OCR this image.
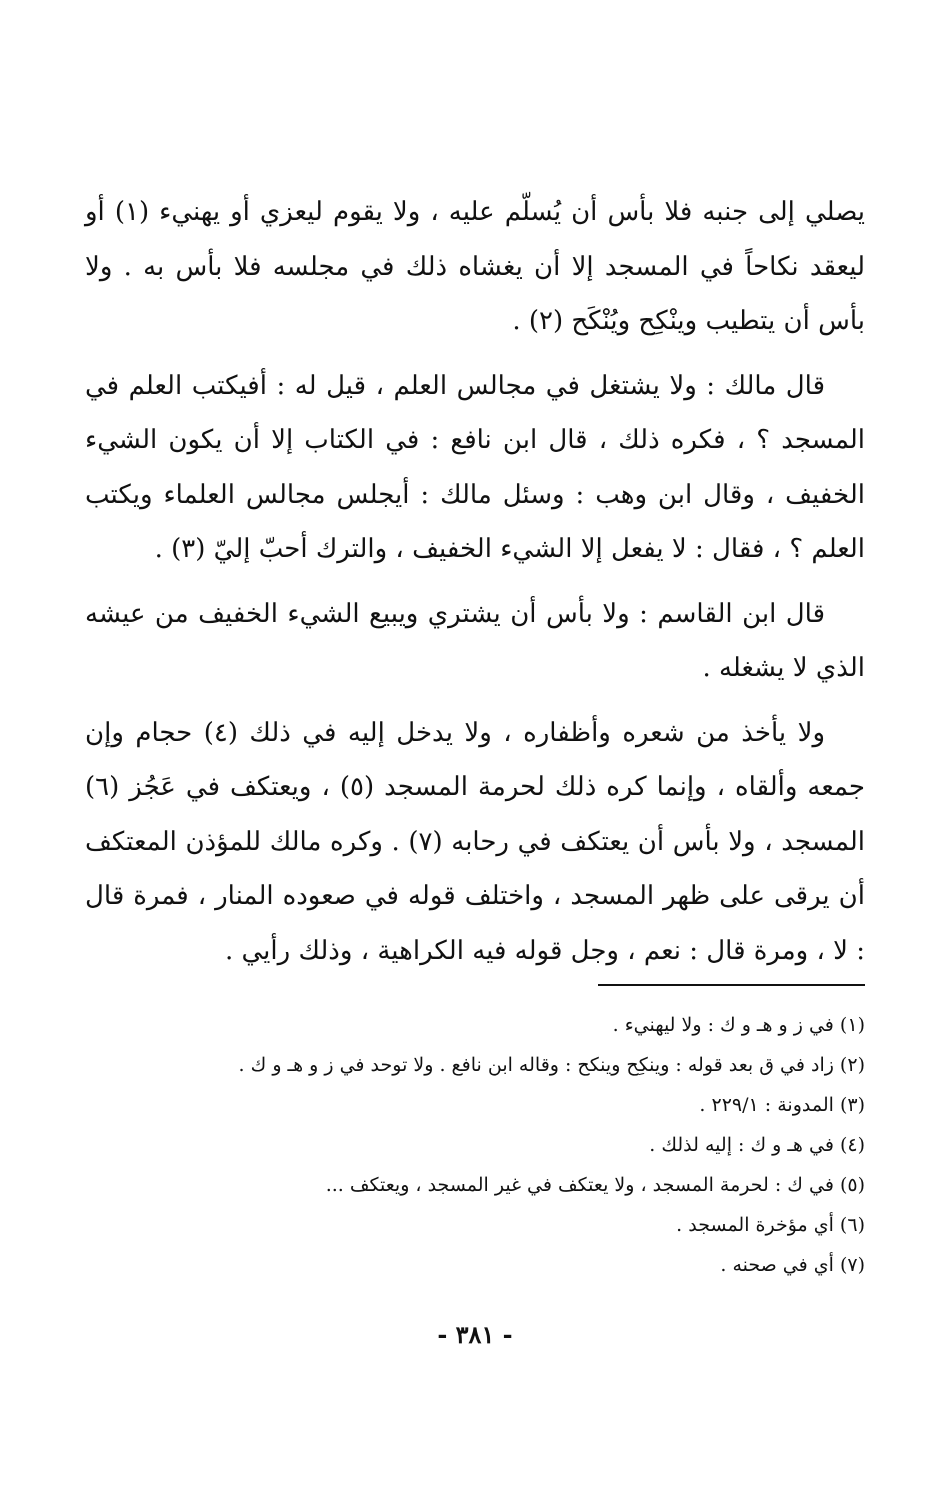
يصلي إلى جنبه فلا بأس أن يُسلّم عليه ، ولا يقوم ليعزي أو يهنيء (١) أو ليعقد نكاحاً في المسجد إلا أن يغشاه ذلك في مجلسه فلا بأس به . ولا بأس أن يتطيب وينْكِح ويُنْكَح (٢) .

قال مالك : ولا يشتغل في مجالس العلم ، قيل له : أفيكتب العلم في المسجد ؟ ، فكره ذلك ، قال ابن نافع : في الكتاب إلا أن يكون الشيء الخفيف ، وقال ابن وهب : وسئل مالك : أيجلس مجالس العلماء ويكتب العلم ؟ ، فقال : لا يفعل إلا الشيء الخفيف ، والترك أحبّ إليّ (٣) .

قال ابن القاسم : ولا بأس أن يشتري ويبيع الشيء الخفيف من عيشه الذي لا يشغله .

ولا يأخذ من شعره وأظفاره ، ولا يدخل إليه في ذلك (٤) حجام وإن جمعه وألقاه ، وإنما كره ذلك لحرمة المسجد (٥) ، ويعتكف في عَجُز (٦) المسجد ، ولا بأس أن يعتكف في رحابه (٧) . وكره مالك للمؤذن المعتكف أن يرقى على ظهر المسجد ، واختلف قوله في صعوده المنار ، فمرة قال : لا ، ومرة قال : نعم ، وجل قوله فيه الكراهية ، وذلك رأيي .

(١) في ز و هـ و ك : ولا ليهنيء .

(٢) زاد في ق بعد قوله : وينكِح وينكح : وقاله ابن نافع . ولا توحد في ز و هـ و ك .

(٣) المدونة : ٢٢٩/١ .

(٤) في هـ و ك : إليه لذلك .

(٥) في ك : لحرمة المسجد ، ولا يعتكف في غير المسجد ، ويعتكف ...

(٦) أي مؤخرة المسجد .

(٧) أي في صحنه .

- ٣٨١ -
